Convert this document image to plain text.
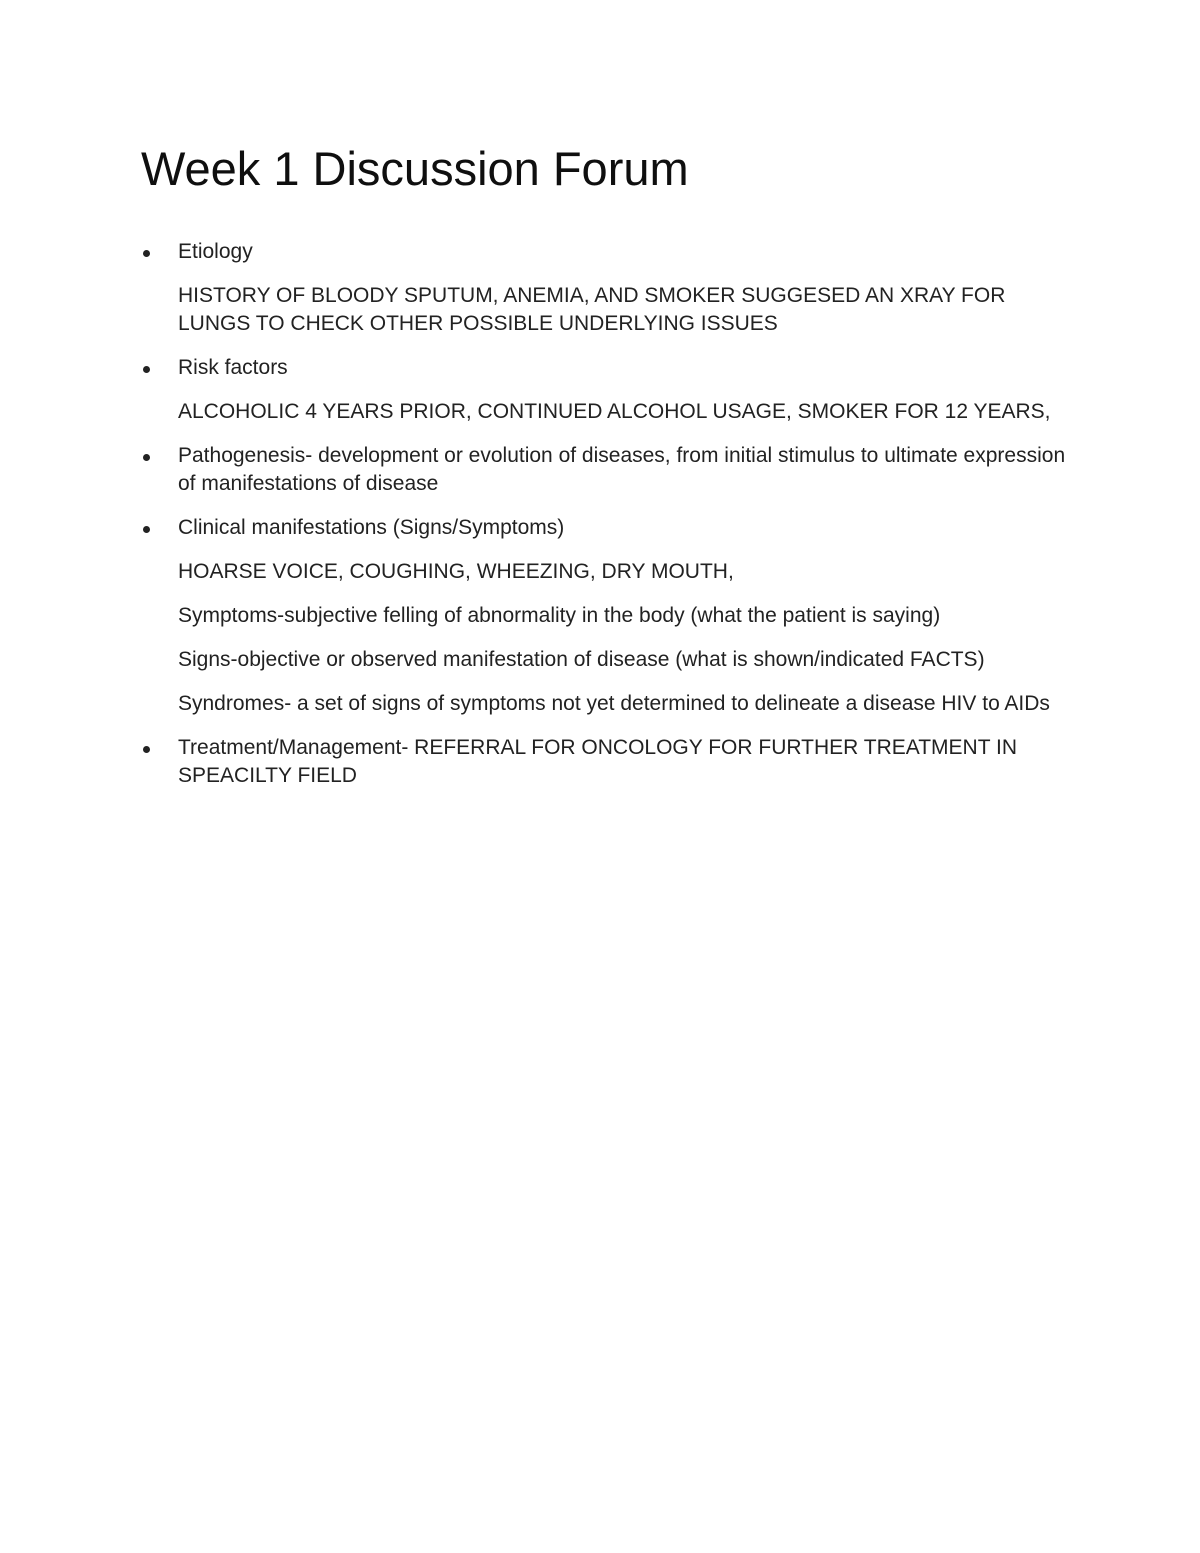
Week 1 Discussion Forum
Etiology
HISTORY OF BLOODY SPUTUM, ANEMIA, AND SMOKER SUGGESED AN XRAY FOR LUNGS TO CHECK OTHER POSSIBLE UNDERLYING ISSUES
Risk factors
ALCOHOLIC 4 YEARS PRIOR, CONTINUED ALCOHOL USAGE, SMOKER FOR 12 YEARS,
Pathogenesis- development or evolution of diseases, from initial stimulus to ultimate expression of manifestations of disease
Clinical manifestations (Signs/Symptoms)
HOARSE VOICE, COUGHING, WHEEZING, DRY MOUTH,
Symptoms-subjective felling of abnormality in the body (what the patient is saying)
Signs-objective or observed manifestation of disease (what is shown/indicated FACTS)
Syndromes- a set of signs of symptoms not yet determined to delineate a disease HIV to AIDs
Treatment/Management- REFERRAL FOR ONCOLOGY FOR FURTHER TREATMENT IN SPEACILTY FIELD
